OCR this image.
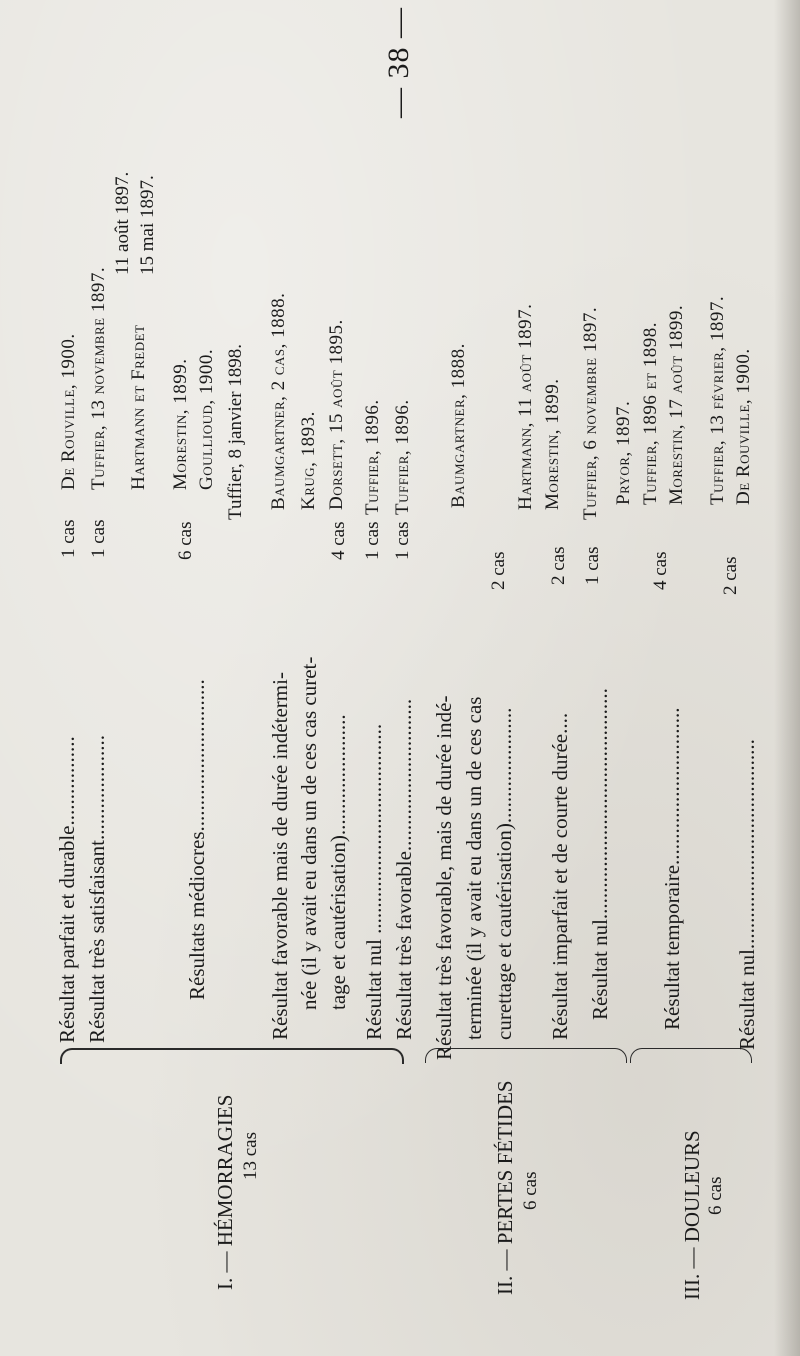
— 38 —
I. — HÉMORRAGIES 13 cas	II. — PERTES FÉTIDES 6 cas	III. — DOULEURS 6 cas
Résultat parfait et durable.................
1 cas
De Rouville, 1900.
Résultat très satisfaisant....................
1 cas
Tuffier, 13 novembre 1897. Hartmann et Fredet
11 août 1897. 15 mai 1897.
Résultats médiocres.............................
6 cas
Morestin, 1899. Goullioud, 1900. Tuffier, 8 janvier 1898.
Résultat favorable mais de durée indétermi- née (il y avait eu dans un de ces cas curet- tage et cautérisation).......................
4 cas
Baumgartner, 2 cas, 1888. Krug, 1893. Dorsett, 15 août 1895.
Résultat nul ........................................
1 cas
Tuffier, 1896.
Résultat très favorable.............................
1 cas
Tuffier, 1896.
Résultat très favorable, mais de durée indé- terminée (il y avait eu dans un de ces cas curettage et cautérisation)......................
2 cas
Baumgartner, 1888.
Résultat imparfait et de courte durée....
2 cas
Hartmann, 11 août 1897. Morestin, 1899.
Résultat nul............................................
1 cas
Tuffier, 6 novembre 1897.
Résultat temporaire..............................
4 cas
Pryor, 1897. Tuffier, 1896 et 1898. Morestin, 17 août 1899.
Résultat nul........................................
2 cas
Tuffier, 13 février, 1897. De Rouville, 1900.
